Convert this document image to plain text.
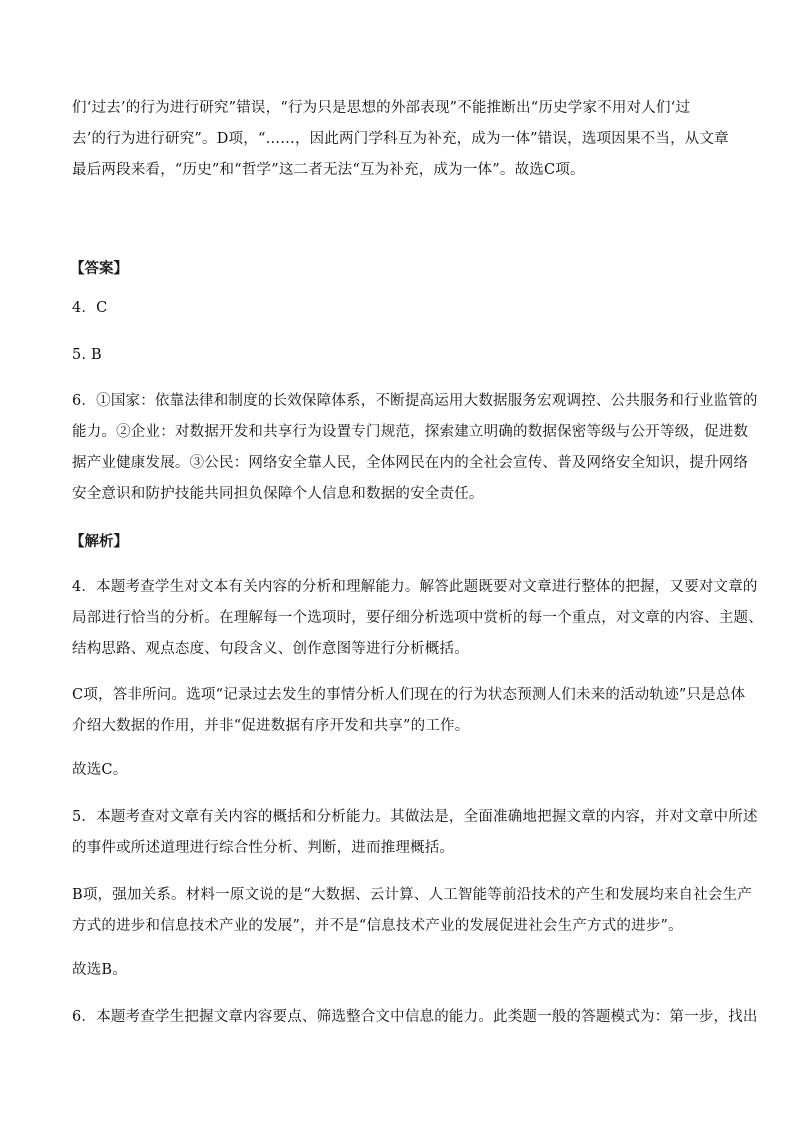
们‘过去’的行为进行研究”错误，“行为只是思想的外部表现”不能推断出“历史学家不用对人们‘过

去’的行为进行研究”。D项，“……，因此两门学科互为补充，成为一体”错误，选项因果不当，从文章

最后两段来看，“历史”和“哲学”这二者无法“互为补充，成为一体”。故选C项。

【答案】

4．C

5. B

6．①国家：依靠法律和制度的长效保障体系，不断提高运用大数据服务宏观调控、公共服务和行业监管的

能力。②企业：对数据开发和共享行为设置专门规范，探索建立明确的数据保密等级与公开等级，促进数

据产业健康发展。③公民：网络安全靠人民，全体网民在内的全社会宣传、普及网络安全知识，提升网络

安全意识和防护技能共同担负保障个人信息和数据的安全责任。

【解析】

4．本题考查学生对文本有关内容的分析和理解能力。解答此题既要对文章进行整体的把握，又要对文章的

局部进行恰当的分析。在理解每一个选项时，要仔细分析选项中赏析的每一个重点，对文章的内容、主题、

结构思路、观点态度、句段含义、创作意图等进行分析概括。

C项，答非所问。选项“记录过去发生的事情分析人们现在的行为状态预测人们未来的活动轨迹”只是总体

介绍大数据的作用，并非“促进数据有序开发和共享”的工作。

故选C。

5．本题考查对文章有关内容的概括和分析能力。其做法是，全面准确地把握文章的内容，并对文章中所述

的事件或所述道理进行综合性分析、判断，进而推理概括。

B项，强加关系。材料一原文说的是“大数据、云计算、人工智能等前沿技术的产生和发展均来自社会生产

方式的进步和信息技术产业的发展”，并不是“信息技术产业的发展促进社会生产方式的进步”。

故选B。

6．本题考查学生把握文章内容要点、筛选整合文中信息的能力。此类题一般的答题模式为：第一步，找出
